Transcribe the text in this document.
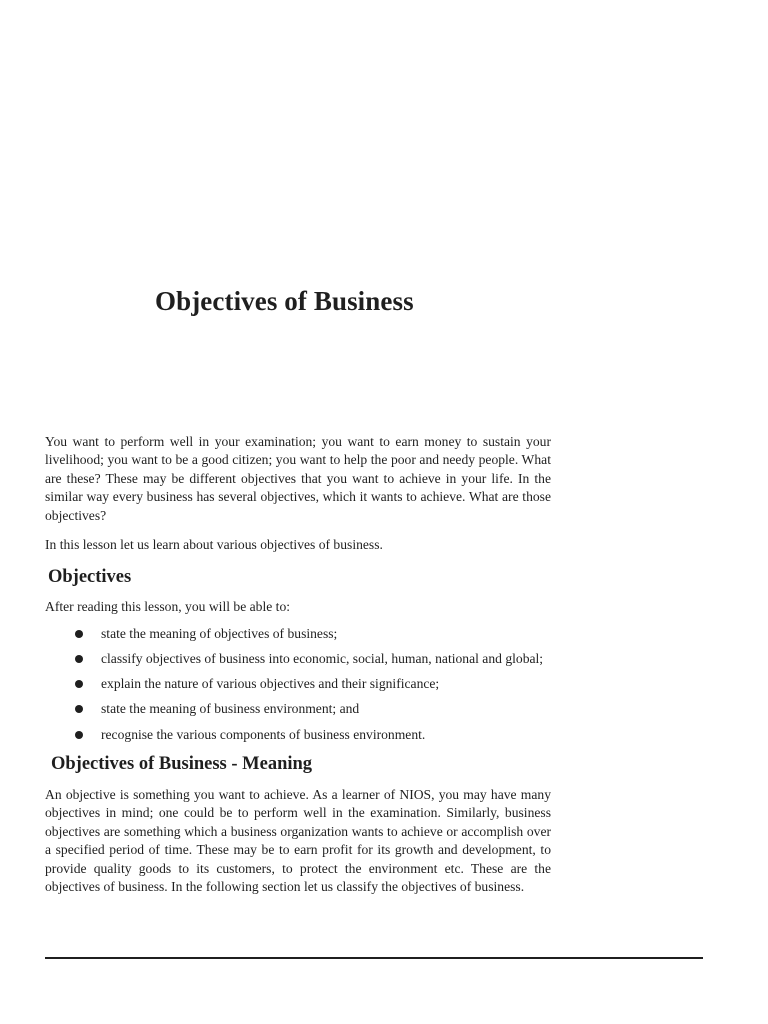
Objectives of Business

You want to perform well in your examination; you want to earn money to sustain your livelihood; you want to be a good citizen; you want to help the poor and needy people. What are these? These may be different objectives that you want to achieve in your life. In the similar way every business has several objectives, which it wants to achieve. What are those objectives?

In this lesson let us learn about various objectives of business.

Objectives

After reading this lesson, you will be able to:

state the meaning of objectives of business;
classify objectives of business into economic, social, human, national and global;
explain the nature of various objectives and their significance;
state the meaning of business environment; and
recognise the various components of business environment.
Objectives of Business - Meaning

An objective is something you want to achieve. As a learner of NIOS, you may have many objectives in mind; one could be to perform well in the examination. Similarly, business objectives are something which a business organization wants to achieve or accomplish over a specified period of time. These may be to earn profit for its growth and development, to provide quality goods to its customers, to protect the environment etc. These are the objectives of business. In the following section let us classify the objectives of business.
